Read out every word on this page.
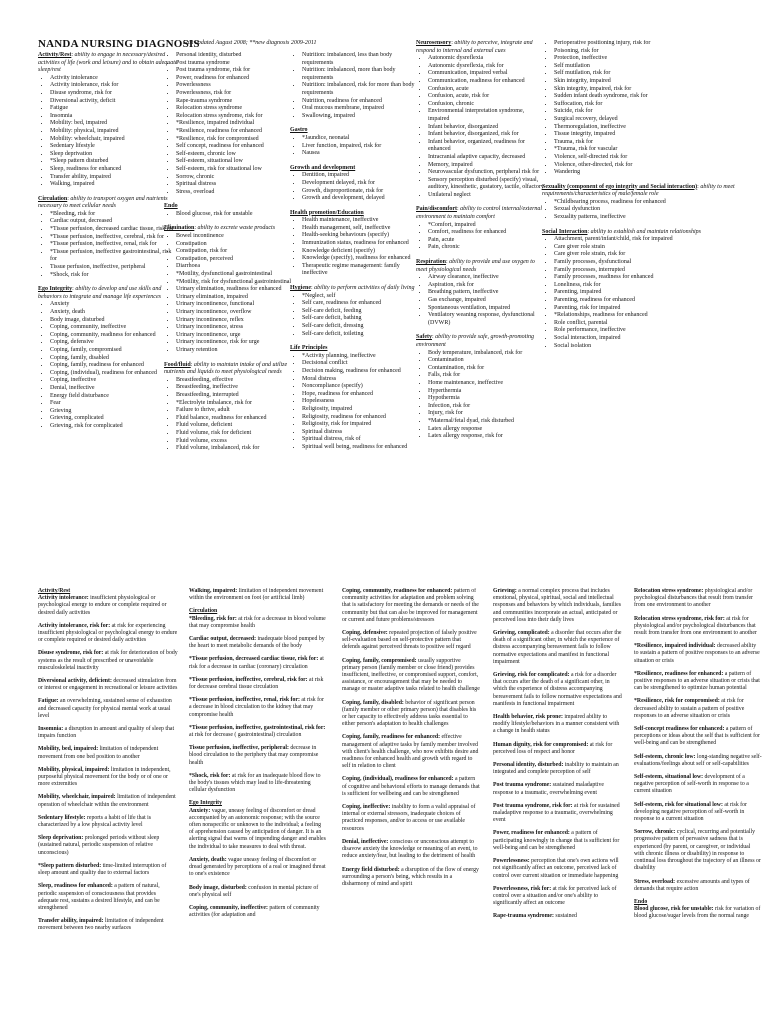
NANDA NURSING DIAGNOSIS
Last updated August 2008; **new diagnosis 2009-2011
Activity/Rest: ability to engage in necessary/desired activities of life (work and leisure) and to obtain adequate sleep/rest
• Activity intolerance
• Activity intolerance, risk for
• Disuse syndrome, risk for
• Diversional activity, deficit
• Fatigue
• Insomnia
• Mobility: bed, impaired
• Mobility: physical, impaired
• Mobility: wheelchair, impaired
• Sedentary lifestyle
• Sleep deprivation
• *Sleep pattern disturbed
• Sleep, readiness for enhanced
• Transfer ability, impaired
• Walking, impaired
Circulation: ability to transport oxygen and nutrients necessary to meet cellular needs
• *Bleeding, risk for
• Cardiac output, decreased
• *Tissue perfusion, decreased cardiac tissue, risk for
• *Tissue perfusion, ineffective, cerebral, risk for
• *Tissue perfusion, ineffective, renal, risk for
• *Tissue perfusion, ineffective gastrointestinal, risk for
• Tissue perfusion, ineffective, peripheral
• *Shock, risk for
Ego Integrity: ability to develop and use skills and behaviors to integrate and manage life experiences
• Anxiety
• Anxiety, death
• Body image, disturbed
• Coping, community, ineffective
• Coping, community, readiness for enhanced
• Coping, defensive
• Coping, family, compromised
• Coping, family, disabled
• Coping, family, readiness for enhanced
• Coping, (individual), readiness for enhanced
• Coping, ineffective
• Denial, ineffective
• Energy field disturbance
• Fear
• Grieving
• Grieving, complicated
• Grieving, risk for complicated
• Personal identity, disturbed
• Post trauma syndrome
• Post trauma syndrome, risk for
• Power, readiness for enhanced
• Powerlessness
• Powerlessness, risk for
• Rape-trauma syndrome
• Relocation stress syndrome
• Relocation stress syndrome, risk for
• *Resilience, impaired individual
• *Resilience, readiness for enhanced
• *Resilience, risk for compromised
• Self concept, readiness for enhanced
• Self-esteem, chronic low
• Self-esteem, situational low
• Self-esteem, risk for situational low
• Sorrow, chronic
• Spiritual distress
• Stress, overload
Endo
• Blood glucose, risk for unstable
Elimination: ability to excrete waste products
• Bowel incontinence
• Constipation
• Constipation, risk for
• Constipation, perceived
• Diarrhoea
• *Motility, dysfunctional gastrointestinal
• *Motility, risk for dysfunctional gastrointestinal
• Urinary elimination, readiness for enhanced
• Urinary elimination, impaired
• Urinary incontinence, functional
• Urinary incontinence, overflow
• Urinary incontinence, reflex
• Urinary incontinence, stress
• Urinary incontinence, urge
• Urinary incontinence, risk for urge
• Urinary retention
Food/fluid: ability to maintain intake of and utilize nutrients and liquids to meet physiological needs
• Breastfeeding, effective
• Breastfeeding, ineffective
• Breastfeeding, interrupted
• *Electrolyte imbalance, risk for
• Failure to thrive, adult
• Fluid balance, readiness for enhanced
• Fluid volume, deficient
• Fluid volume, risk for deficient
• Fluid volume, excess
• Fluid volume, imbalanced, risk for
• Nutrition: imbalanced, less than body requirements
• Nutrition: imbalanced, more than body requirements
• Nutrition: imbalanced, risk for more than body requirements
• Nutrition, readiness for enhanced
• Oral mucous membrane, impaired
• Swallowing, impaired
Gastro
• *Jaundice, neonatal
• Liver function, impaired, risk for
• Nausea
Growth and development
• Dentition, impaired
• Development delayed, risk for
• Growth, disproportionate, risk for
• Growth and development, delayed
Health promotion/Education
• Health maintenance, ineffective
• Health management, self, ineffective
• Health-seeking behaviours (specify)
• Immunization status, readiness for enhanced
• Knowledge deficient (specify)
• Knowledge (specify), readiness for enhanced
• Therapeutic regime management: family ineffective
Hygiene: ability to perform activities of daily living
• *Neglect, self
• Self care, readiness for enhanced
• Self-care deficit, feeding
• Self-care deficit, bathing
• Self-care deficit, dressing
• Self-care deficit, toileting
Life Principles
• *Activity planning, ineffective
• Decisional conflict
• Decision making, readiness for enhanced
• Moral distress
• Noncompliance (specify)
• Hope, readiness for enhanced
• Hopelessness
• Religiosity, impaired
• Religiosity, readiness for enhanced
• Religiosity, risk for impaired
• Spiritual distress
• Spiritual distress, risk of
• Spiritual well being, readiness for enhanced
Neurosensory: ability to perceive, integrate and respond to internal and external cues
• Autonomic dysreflexia
• Autonomic dysreflexia, risk for
• Communication, impaired verbal
• Communication, readiness for enhanced
• Confusion, acute
• Confusion, acute, risk for
• Confusion, chronic
• Environmental interpretation syndrome, impaired
• Infant behavior, disorganized
• Infant behavior, disorganized, risk for
• Infant behavior, organized, readiness for enhanced
• Intracranial adaptive capacity, decreased
• Memory, impaired
• Neurovascular dysfunction, peripheral risk for
• Sensory perception disturbed (specify) visual, auditory, kinesthetic, gustatory, tactile, olfactory
• Unilateral neglect
Pain/discomfort: ability to control internal/external environment to maintain comfort
• *Comfort, impaired
• Comfort, readiness for enhanced
• Pain, acute
• Pain, chronic
Respiration: ability to provide and use oxygen to meet physiological needs
• Airway clearance, ineffective
• Aspiration, risk for
• Breathing pattern, ineffective
• Gas exchange, impaired
• Spontaneous ventilation, impaired
• Ventilatory weaning response, dysfunctional (DVWR)
Safety: ability to provide safe, growth-promoting environment
• Body temperature, imbalanced, risk for
• Contamination
• Contamination, risk for
• Falls, risk for
• Home maintenance, ineffective
• Hyperthermia
• Hypothermia
• Infection, risk for
• Injury, risk for
• *Maternal/fetal dyad, risk disturbed
• Latex allergy response
• Latex allergy response, risk for
• Perioperative positioning injury, risk for
• Poisoning, risk for
• Protection, ineffective
• Self mutilation
• Self mutilation, risk for
• Skin integrity, impaired
• Skin integrity, impaired, risk for
• Sudden infant death syndrome, risk for
• Suffocation, risk for
• Suicide, risk for
• Surgical recovery, delayed
• Thermoregulation, ineffective
• Tissue integrity, impaired
• Trauma, risk for
• *Trauma, risk for vascular
• Violence, self-directed risk for
• Violence, other-directed, risk for
• Wandering
Sexuality (component of ego integrity and Social interaction): ability to meet requirements/characteristics of male/female role
• *Childbearing process, readiness for enhanced
• Sexual dysfunction
• Sexuality patterns, ineffective
Social Interaction: ability to establish and maintain relationships
• Attachment, parent/infant/child, risk for impaired
• Care giver role strain
• Care giver role strain, risk for
• Family processes, dysfunctional
• Family processes, interrupted
• Family processes, readiness for enhanced
• Loneliness, risk for
• Parenting, impaired
• Parenting, readiness for enhanced
• Parenting, risk for impaired
• *Relationships, readiness for enhanced
• Role conflict, parental
• Role performance, ineffective
• Social interaction, impaired
• Social isolation
Activity/Rest
Activity intolerance: insufficient physiological or psychological energy to endure or complete required or desired daily activities
Activity intolerance, risk for: at risk for experiencing insufficient physiological or psychological energy to endure or complete required or desired daily activities
Disuse syndrome, risk for: at risk for deterioration of body systems as the result of prescribed or unavoidable musculoskeletal inactivity
Diversional activity, deficient: decreased stimulation from or interest or engagement in recreational or leisure activities
Fatigue: an overwhelming, sustained sense of exhaustion and decreased capacity for physical mental work at usual level
Insomnia: a disruption in amount and quality of sleep that impairs function
Mobility, bed, impaired: limitation of independent movement from one bed position to another
Mobility, physical, impaired: limitation in independent, purposeful physical movement for the body or of one or more extremities
Mobility, wheelchair, impaired: limitation of independent operation of wheelchair within the environment
Sedentary lifestyle: reports a habit of life that is characterized by a low physical activity level
Sleep deprivation: prolonged periods without sleep (sustained natural, periodic suspension of relative unconscious)
*Sleep pattern disturbed: time-limited interruption of sleep amount and quality due to external factors
Sleep, readiness for enhanced: a pattern of natural, periodic suspension of consciousness that provides adequate rest, sustains a desired lifestyle, and can be strengthened
Transfer ability, impaired: limitation of independent movement between two nearby surfaces
Walking, impaired: limitation of independent movement within the environment on foot (or artificial limb)
Circulation
*Bleeding, risk for: at risk for a decrease in blood volume that may compromise health
Cardiac output, decreased: inadequate blood pumped by the heart to meet metabolic demands of the body
*Tissue perfusion, decreased cardiac tissue, risk for: at risk for a decrease in cardiac (coronary) circulation
*Tissue perfusion, ineffective, cerebral, risk for: at risk for decrease cerebral tissue circulation
*Tissue perfusion, ineffective, renal, risk for: at risk for a decrease in blood circulation to the kidney that may compromise health
*Tissue perfusion, ineffective, gastrointestinal, risk for: at risk for decrease ( gastrointestinal) circulation
Tissue perfusion, ineffective, peripheral: decrease in blood circulation to the periphery that may compromise health
*Shock, risk for: at risk for an inadequate blood flow to the body's tissues which may lead to life-threatening cellular dysfunction
Ego Integrity
Anxiety: vague, uneasy feeling of discomfort or dread accompanied by an autonomic response; with the source often nonspecific or unknown to the individual; a feeling of apprehension caused by anticipation of danger. It is an alerting signal that warns of impending danger and enables the individual to take measures to deal with threat.
Anxiety, death: vague uneasy feeling of discomfort or dread generated by perceptions of a real or imagined threat to one's existence
Body image, disturbed: confusion in mental picture of one's physical self
Coping, community, ineffective: pattern of community activities (for adaptation and
Coping, community, readiness for enhanced: pattern of community activities for adaptation and problem solving that is satisfactory for meeting the demands or needs of the community but that can also be improved for management or current and future problems/stressors
Coping, defensive: repeated projection of falsely positive self-evaluation based on self-protective pattern that defends against perceived threats to positive self regard
Coping, family, compromised: usually supportive primary person (family member or close friend) provides insufficient, ineffective, or compromised support, comfort, assistance, or encouragement that may be needed to manage or master adaptive tasks related to health challenge
Coping, family, disabled: behavior of significant person (family member or other primary person) that disables his or her capacity to effectively address tasks essential to either person's adaptation to health challenges
Coping, family, readiness for enhanced: effective management of adaptive tasks by family member involved with client's health challenge, who now exhibits desire and readiness for enhanced health and growth with regard to self in relation to client
Coping, (individual), readiness for enhanced: a pattern of cognitive and behavioral efforts to manage demands that is sufficient for wellbeing and can be strengthened
Coping, ineffective: inability to form a valid appraisal of internal or external stressors, inadequate choices of practiced responses, and/or to access or use available resources
Denial, ineffective: conscious or unconscious attempt to disavow anxiety the knowledge or meaning of an event, to reduce anxiety/fear, but leading to the detriment of health
Energy field disturbed: a disruption of the flow of energy surrounding a person's being, which results in a disharmony of mind and spirit
Grieving: a normal complex process that includes emotional, physical, spiritual, social and intellectual responses and behaviors by which individuals, families and communities incorporate an actual, anticipated or perceived loss into their daily lives
Grieving, complicated: a disorder that occurs after the death of a significant other, in which the experience of distress accompanying bereavement fails to follow normative expectations and manifest in functional impairment
Grieving, risk for complicated: a risk for a disorder that occurs after the death of a significant other, in which the experience of distress accompanying bereavement fails to follow normative expectations and manifests in functional impairment
Health behavior, risk prone: impaired ability to modify lifestyle/behaviors in a manner consistent with a change in health status
Human dignity, risk for compromised: at risk for perceived loss of respect and honor
Personal identity, disturbed: inability to maintain an integrated and complete perception of self
Post trauma syndrome: sustained maladaptive response to a traumatic, overwhelming event
Post trauma syndrome, risk for: at risk for sustained maladaptive response to a traumatic, overwhelming event
Power, readiness for enhanced: a pattern of participating knowingly in change that is sufficient for well-being and can be strengthened
Powerlessness: perception that one's own actions will not significantly affect an outcome, perceived lack of control over current situation or immediate happening
Powerlessness, risk for: at risk for perceived lack of control over a situation and/or one's ability to significantly affect an outcome
Rape-trauma syndrome: sustained
Relocation stress syndrome: physiological and/or psychological disturbances that result from transfer from one environment to another
Relocation stress syndrome, risk for: at risk for physiological and/or psychological disturbances that result from transfer from one environment to another
*Resilience, impaired individual: decreased ability to sustain a pattern of positive responses to an adverse situation or crisis
*Resilience, readiness for enhanced: a pattern of positive responses to an adverse situation or crisis that can be strengthened to optimize human potential
*Resilience, risk for compromised: at risk for decreased ability to sustain a pattern of positive responses to an adverse situation or crisis
Self-concept readiness for enhanced: a pattern of perceptions or ideas about the self that is sufficient for well-being and can be strengthened
Self-esteem, chronic low: long-standing negative self-evaluations/feelings about self or self-capabilities
Self-esteem, situational low: development of a negative perception of self-worth in response to a current situation
Self-esteem, risk for situational low: at risk for developing negative perception of self-worth in response to a current situation
Sorrow, chronic: cyclical, recurring and potentially progressive pattern of pervasive sadness that is experienced (by parent, or caregiver, or individual with chronic illness or disability) in response to continual loss throughout the trajectory of an illness or disability
Stress, overload: excessive amounts and types of demands that require action
Endo
Blood glucose, risk for unstable: risk for variation of blood glucose/sugar levels from the normal range
